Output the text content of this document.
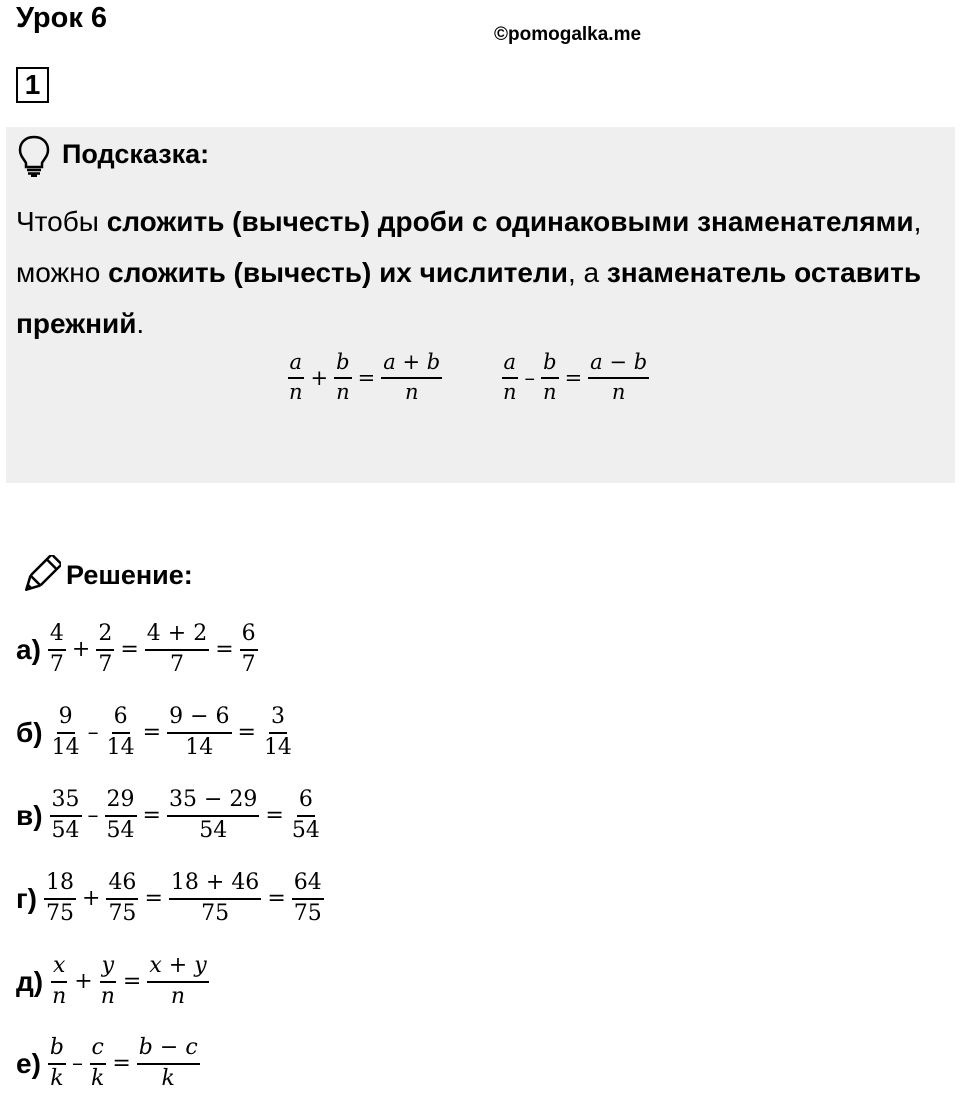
Урок 6
©pomogalka.me
1
Подсказка:
Чтобы сложить (вычесть) дроби с одинаковыми знаменателями, можно сложить (вычесть) их числители, а знаменатель оставить прежний.
$\frac{a}{n} + \frac{b}{n} = \frac{a + b}{n}$	$\frac{a}{n} - \frac{b}{n} = \frac{a - b}{n}$
Решение:
$а) \frac{4}{7} + \frac{2}{7} = \frac{4 + 2}{7} = \frac{6}{7}$
$б) \frac{9}{14} - \frac{6}{14} = \frac{9 - 6}{14} = \frac{3}{14}$
$в) \frac{35}{54} - \frac{29}{54} = \frac{35 - 29}{54} = \frac{6}{54}$
$г) \frac{18}{75} + \frac{46}{75} = \frac{18 + 46}{75} = \frac{64}{75}$
$д) \frac{x}{n} + \frac{y}{n} = \frac{x + y}{n}$
$е) \frac{b}{k} - \frac{c}{k} = \frac{b - c}{k}$
